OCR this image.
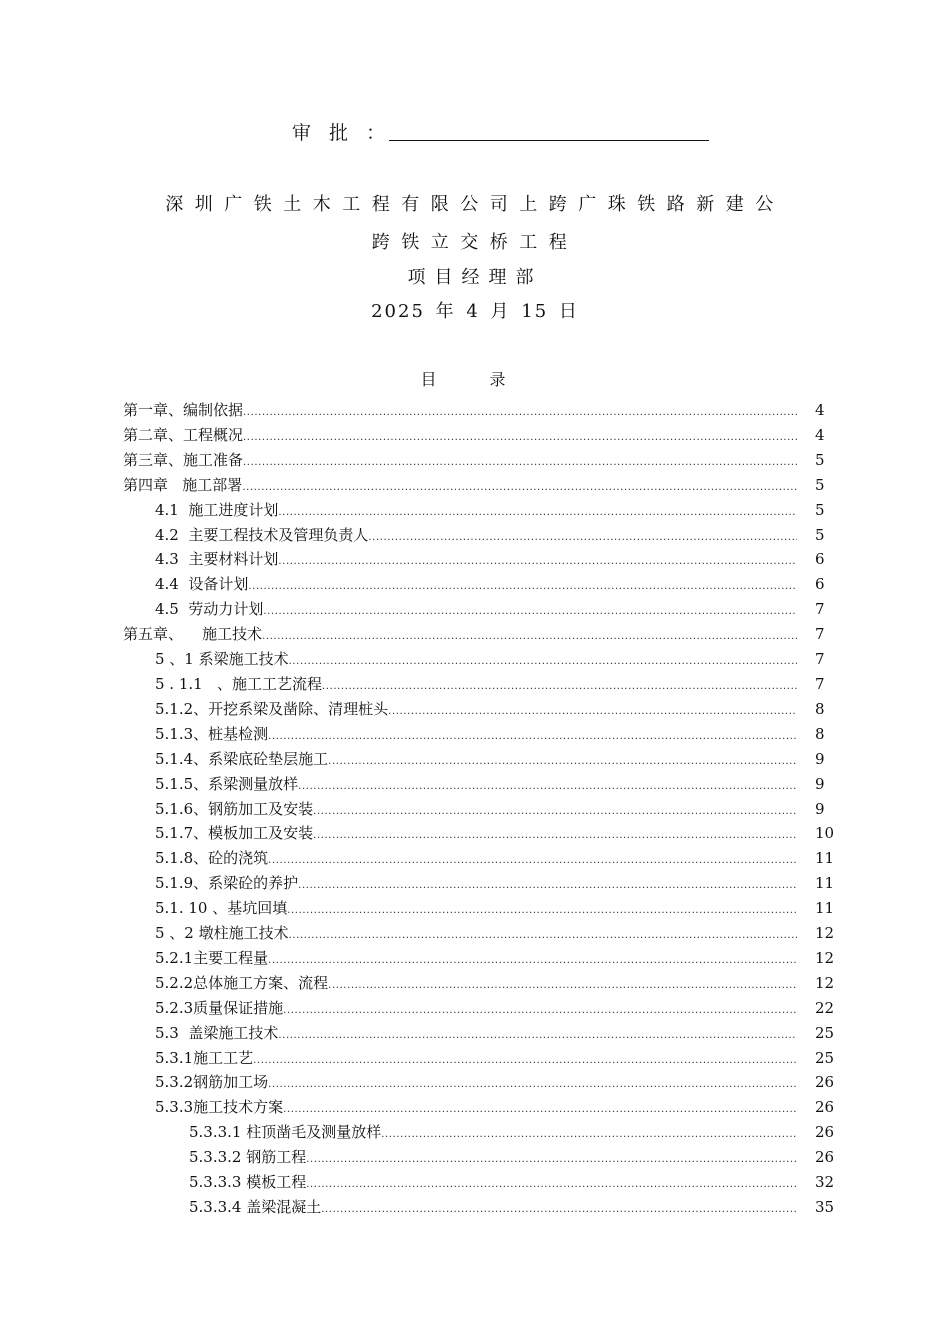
审 批 ：
深圳广铁土木工程有限公司上跨广珠铁路新建公
跨铁立交桥工程
项目经理部
2025 年 4 月 15 日
目 录
第一章、编制依据 .....	4
第二章、工程概况 .....	4
第三章、施工准备 .....	5
第四章   施工部署 .....	5
4.1  施工进度计划 .....	5
4.2  主要工程技术及管理负责人 .....	5
4.3  主要材料计划 .....	6
4.4  设备计划 .....	6
4.5  劳动力计划 .....	7
第五章、    施工技术 .....	7
5 、1 系梁施工技术 .....	7
5 . 1.1   、施工工艺流程 .....	7
5.1.2、开挖系梁及凿除、清理桩头 .....	8
5.1.3、桩基检测 .....	8
5.1.4、系梁底砼垫层施工 .....	9
5.1.5、系梁测量放样 .....	9
5.1.6、钢筋加工及安装 .....	9
5.1.7、模板加工及安装 .....	10
5.1.8、砼的浇筑 .....	11
5.1.9、系梁砼的养护 .....	11
5.1. 10 、基坑回填 .....	11
5 、2 墩柱施工技术 .....	12
5.2.1主要工程量 .....	12
5.2.2总体施工方案、流程 .....	12
5.2.3质量保证措施 .....	22
5.3  盖梁施工技术 .....	25
5.3.1施工工艺 .....	25
5.3.2钢筋加工场 .....	26
5.3.3施工技术方案 .....	26
5.3.3.1 柱顶凿毛及测量放样 .....	26
5.3.3.2 钢筋工程 .....	26
5.3.3.3 模板工程 .....	32
5.3.3.4 盖梁混凝土 .....	35
